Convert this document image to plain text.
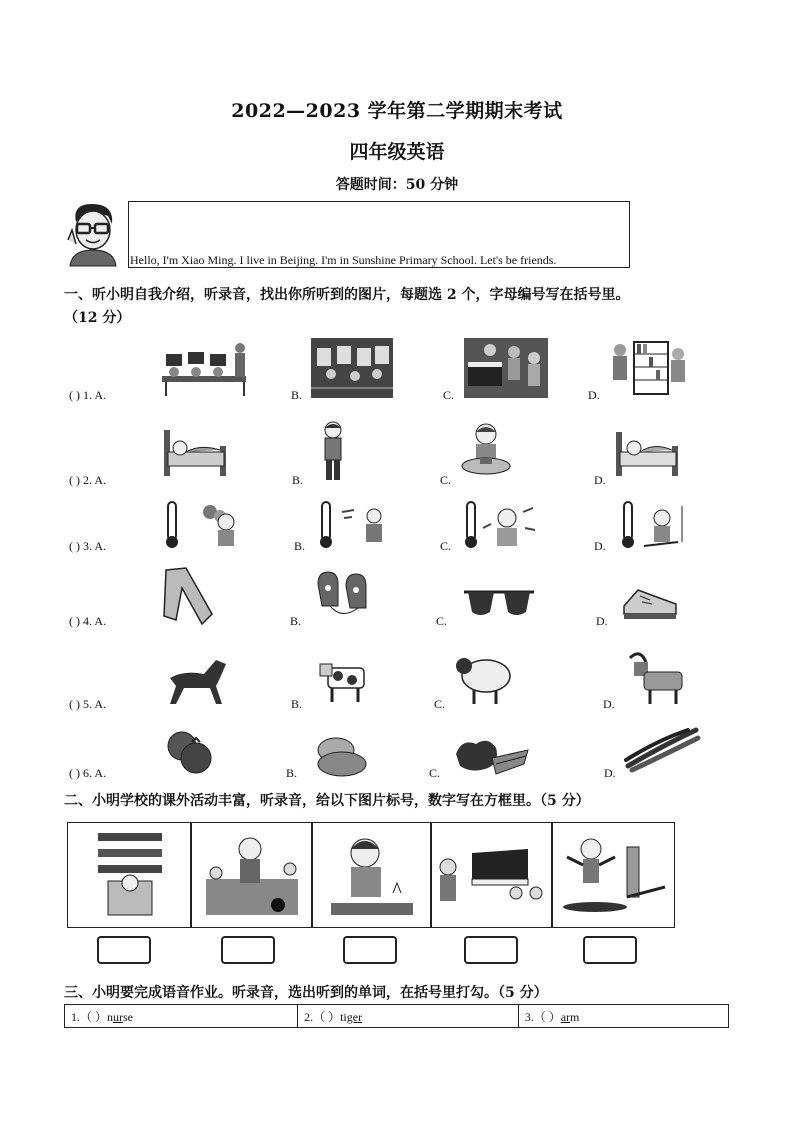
2022—2023 学年第二学期期末考试
四年级英语
答题时间：50 分钟
Hello, I'm Xiao Ming. I live in Beijing. I'm in Sunshine Primary School. Let's be friends.
一、听小明自我介绍，听录音，找出你所听到的图片，每题选 2 个，字母编号写在括号里。
（12 分）
( ) 1. A.	B.	C.	D.
( ) 2. A.	B.	C.	D.
( ) 3. A.	B.	C.	D.
( ) 4. A.	B.	C.	D.
( ) 5. A.	B.	C.	D.
( ) 6. A.	B.	C.	D.
二、小明学校的课外活动丰富，听录音，给以下图片标号，数字写在方框里。（5 分）
三、小明要完成语音作业。听录音，选出听到的单词，在括号里打勾。（5 分）
1.（ ）nurse	2.（ ）tiger	3.（ ）arm
